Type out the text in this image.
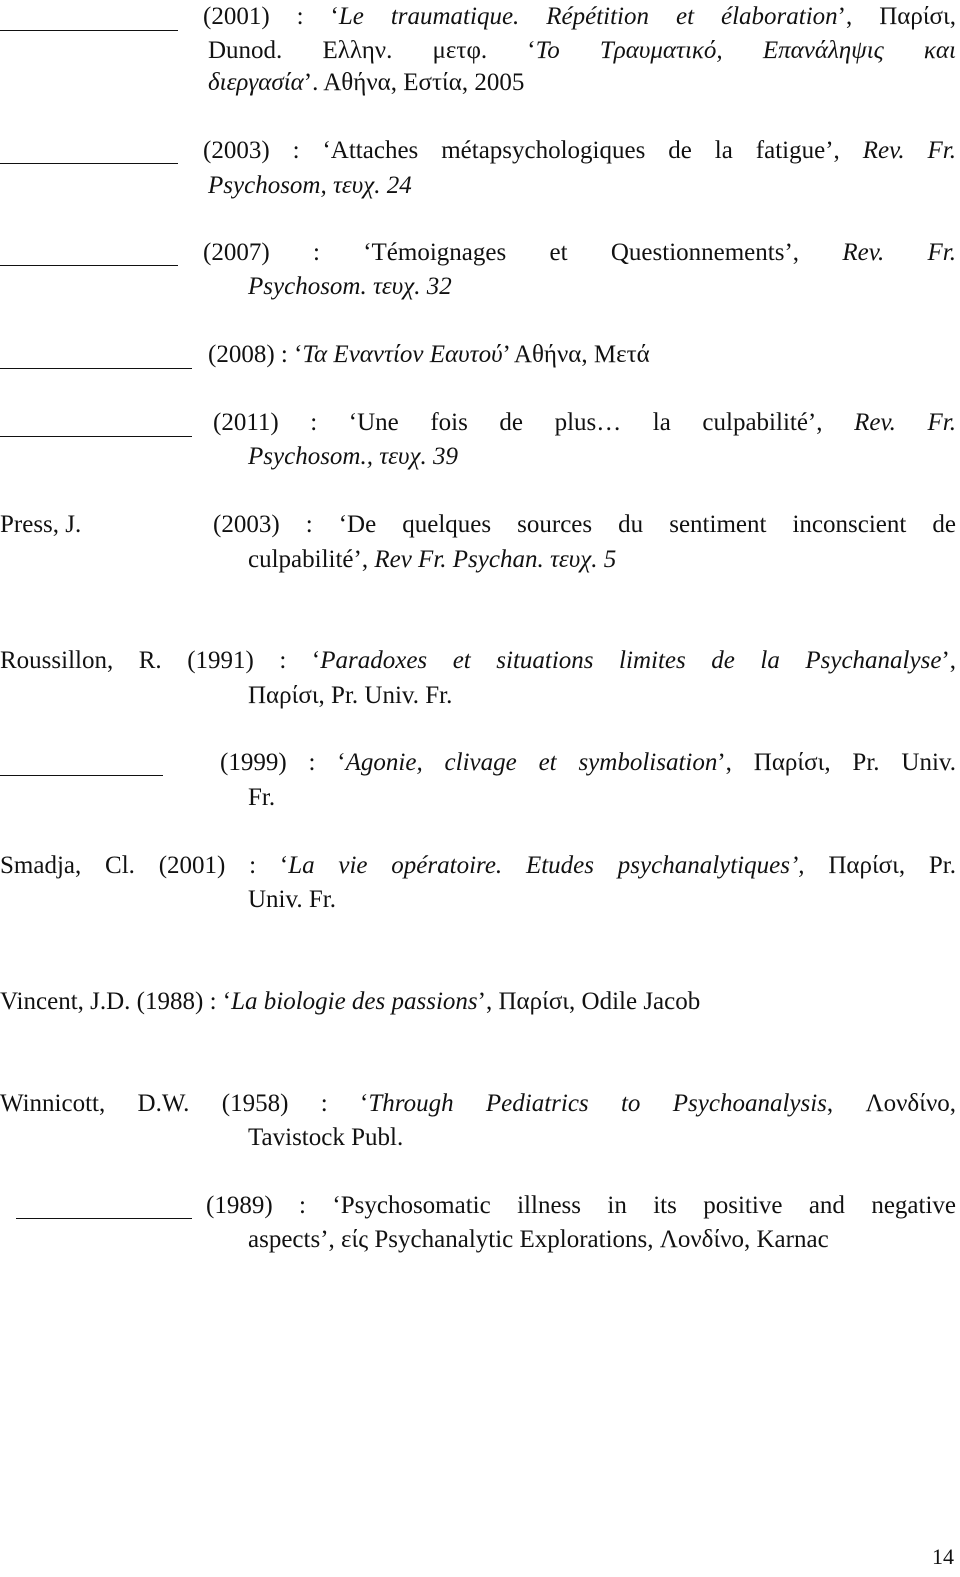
(2001) : ‘Le traumatique. Répétition et élaboration’, Παρίσι,
Dunod. Ελλην. μετφ. ‘Το Τραυματικό, Επανάληψις και
διεργασία’. Αθήνα, Εστία, 2005
(2003) : ‘Attaches métapsychologiques de la fatigue’, Rev. Fr.
Psychosom, τευχ. 24
(2007) : ‘Témoignages et Questionnements’, Rev. Fr.
Psychosom. τευχ. 32
(2008) : ‘Τα Εναντίον Εαυτού’ Αθήνα, Μετά
(2011) : ‘Une fois de plus… la culpabilité’, Rev. Fr.
Psychosom., τευχ. 39
Press, J.	(2003) : ‘De quelques sources du sentiment inconscient de
culpabilité’, Rev Fr. Psychan. τευχ. 5
Roussillon, R. (1991) : ‘Paradoxes et situations limites de la Psychanalyse’,
Παρίσι, Pr. Univ. Fr.
(1999) : ‘Agonie, clivage et symbolisation’, Παρίσι, Pr. Univ.
Fr.
Smadja, Cl. (2001) : ‘La vie opératoire. Etudes psychanalytiques’, Παρίσι, Pr.
Univ. Fr.
Vincent, J.D. (1988) : ‘La biologie des passions’, Παρίσι, Odile Jacob
Winnicott, D.W. (1958) : ‘Through Pediatrics to Psychoanalysis, Λονδίνο,
Tavistock Publ.
(1989) : ‘Psychosomatic illness in its positive and negative
aspects’, είς Psychanalytic Explorations, Λονδίνο, Karnac
14
